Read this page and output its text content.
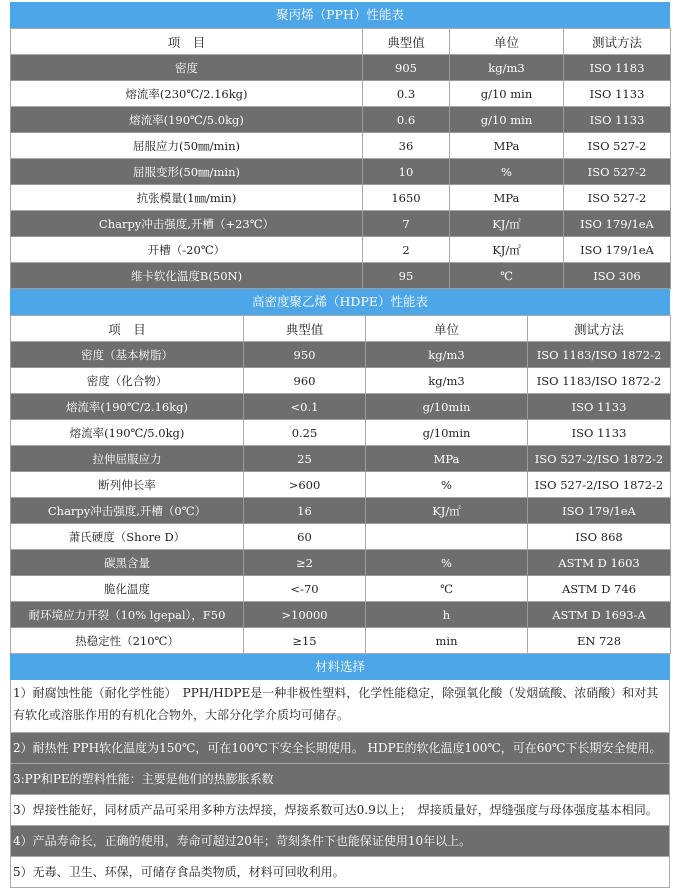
聚丙烯（PPH）性能表
项　目	典型值	单位	测试方法
密度	905	kg/m3	ISO 1183
熔流率(230℃/2.16kg)	0.3	g/10 min	ISO 1133
熔流率(190℃/5.0kg)	0.6	g/10 min	ISO 1133
屈服应力(50㎜/min)	36	MPa	ISO 527-2
屈服变形(50㎜/min)	10	%	ISO 527-2
抗张模量(1㎜/min)	1650	MPa	ISO 527-2
Charpy冲击强度,开槽（+23℃）	7	KJ/㎡	ISO 179/1eA
开槽（-20℃）	2	KJ/㎡	ISO 179/1eA
维卡软化温度B(50N)	95	℃	ISO 306
高密度聚乙烯（HDPE）性能表
项　目	典型值	单位	测试方法
密度（基本树脂）	950	kg/m3	ISO 1183/ISO 1872-2
密度（化合物）	960	kg/m3	ISO 1183/ISO 1872-2
熔流率(190℃/2.16kg)	<0.1	g/10min	ISO 1133
熔流率(190℃/5.0kg)	0.25	g/10min	ISO 1133
拉伸屈服应力	25	MPa	ISO 527-2/ISO 1872-2
断列伸长率	>600	%	ISO 527-2/ISO 1872-2
Charpy冲击强度,开槽（0℃）	16	KJ/㎡	ISO 179/1eA
萧氏硬度（Shore D）	60		ISO 868
碳黑含量	≥2	%	ASTM D 1603
脆化温度	<-70	℃	ASTM D 746
耐环境应力开裂（10% lgepal），F50	>10000	h	ASTM D 1693-A
热稳定性（210℃）	≥15	min	EN 728
材料选择
1）耐腐蚀性能（耐化学性能）　PPH/HDPE是一种非极性塑料，化学性能稳定，除强氧化酸（发烟硫酸、浓硝酸）和对其有软化或溶胀作用的有机化合物外，大部分化学介质均可储存。
2）耐热性 PPH软化温度为150℃，可在100℃下安全长期使用。 HDPE的软化温度100℃，可在60℃下长期安全使用。
3:PP和PE的塑料性能：主要是他们的热膨胀系数
3）焊接性能好，同材质产品可采用多种方法焊接，焊接系数可达0.9以上；　焊接质量好，焊缝强度与母体强度基本相同。
4）产品寿命长，正确的使用，寿命可超过20年；苛刻条件下也能保证使用10年以上。
5）无毒、卫生、环保，可储存食品类物质，材料可回收利用。
